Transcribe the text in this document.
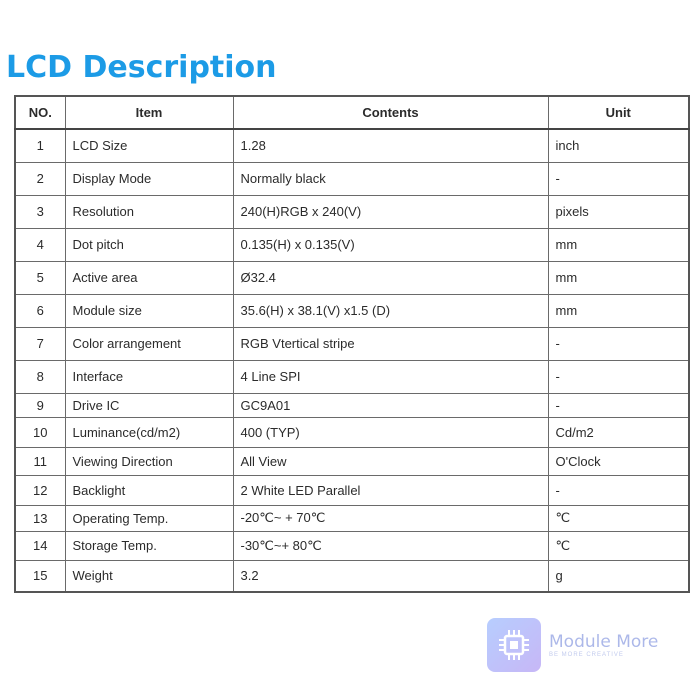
LCD Description
NO.	Item	Contents	Unit
1	LCD Size	1.28	inch
2	Display Mode	Normally black	-
3	Resolution	240(H)RGB x 240(V)	pixels
4	Dot pitch	0.135(H) x 0.135(V)	mm
5	Active area	Ø32.4	mm
6	Module size	35.6(H) x 38.1(V) x1.5 (D)	mm
7	Color arrangement	RGB Vtertical stripe	-
8	Interface	4 Line SPI	-
9	Drive IC	GC9A01	-
10	Luminance(cd/m2)	400 (TYP)	Cd/m2
11	Viewing Direction	All View	O'Clock
12	Backlight	2 White LED Parallel	-
13	Operating Temp.	-20℃~ + 70℃	℃
14	Storage Temp.	-30℃~+ 80℃	℃
15	Weight	3.2	g
Module More
BE MORE CREATIVE
